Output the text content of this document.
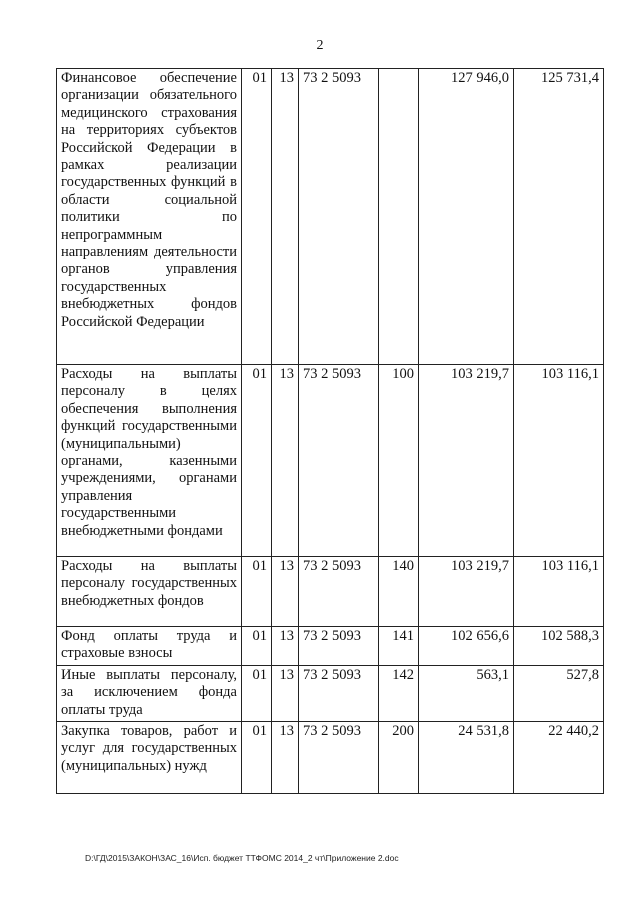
2
Финансовое обеспечение организации обязательного медицинского страхования на территориях субъектов Российской Федерации в рамках реализации государственных функций в области социальной политики по непрограммным направлениям деятельности органов управления государственных внебюджетных фондов Российской Федерации	01	13	73 2 5093		127 946,0	125 731,4
Расходы на выплаты персоналу в целях обеспечения выполнения функций государственными (муниципальными) органами, казенными учреждениями, органами управления государственными внебюджетными фондами	01	13	73 2 5093	100	103 219,7	103 116,1
Расходы на выплаты персоналу государственных внебюджетных фондов	01	13	73 2 5093	140	103 219,7	103 116,1
Фонд оплаты труда и страховые взносы	01	13	73 2 5093	141	102 656,6	102 588,3
Иные выплаты персоналу, за исключением фонда оплаты труда	01	13	73 2 5093	142	563,1	527,8
Закупка товаров, работ и услуг для государственных (муниципальных) нужд	01	13	73 2 5093	200	24 531,8	22 440,2
D:\ГД\2015\ЗАКОН\ЗАС_16\Исп. бюджет ТТФОМС 2014_2 чт\Приложение 2.doc
